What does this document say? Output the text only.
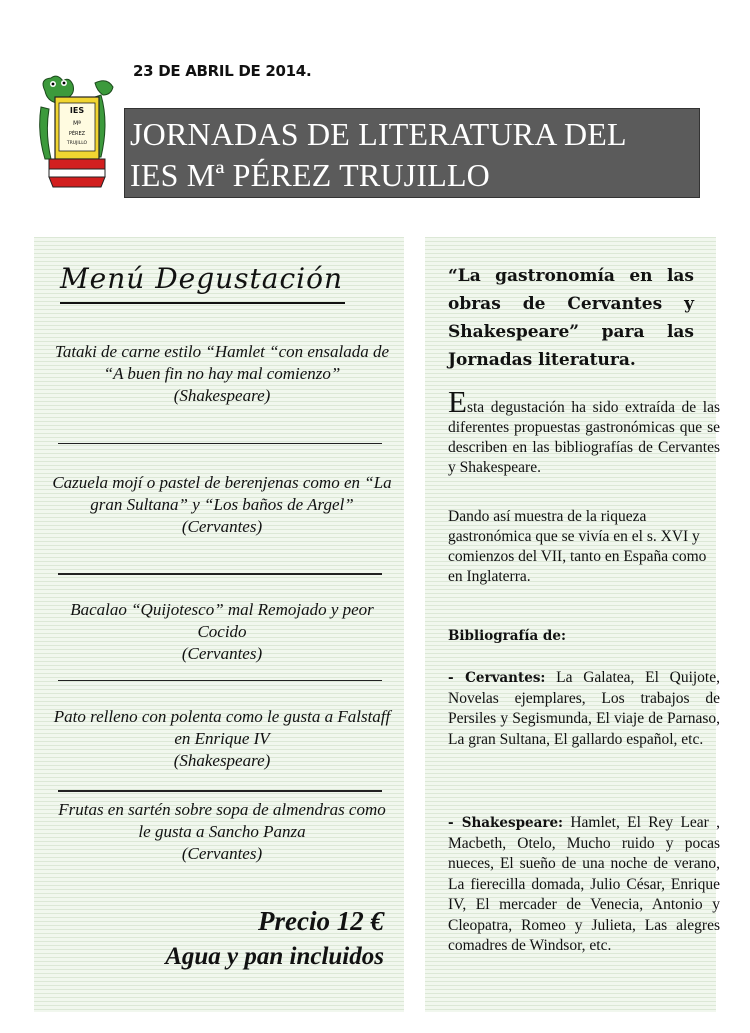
23 DE ABRIL DE 2014.
IES
Mª
PÉREZ
TRUJILLO JORNADAS DE LITERATURA DEL
IES Mª PÉREZ TRUJILLO
Menú Degustación
Tataki de carne estilo “Hamlet “con ensalada de “A buen fin no hay mal comienzo”
(Shakespeare)
Cazuela mojí o pastel de berenjenas como en “La gran Sultana” y “Los baños de Argel”
(Cervantes)
Bacalao “Quijotesco” mal Remojado y peor Cocido
(Cervantes)
Pato relleno con polenta como le gusta a Falstaff en Enrique IV
(Shakespeare)
Frutas en sartén sobre sopa de almendras como le gusta a Sancho Panza
(Cervantes)
Precio 12 €
Agua y pan incluidos
“La gastronomía en las obras de Cervantes y Shakespeare” para las Jornadas literatura.
Esta degustación ha sido extraída de las diferentes propuestas gastronómicas que se describen en las bibliografías de Cervantes y Shakespeare.
Dando así muestra de la riqueza gastronómica que se vivía en el s. XVI y comienzos del VII, tanto en España como en Inglaterra.
Bibliografía de:
- Cervantes: La Galatea, El Quijote, Novelas ejemplares, Los trabajos de Persiles y Segismunda, El viaje de Parnaso, La gran Sultana, El gallardo español, etc.
- Shakespeare: Hamlet, El Rey Lear , Macbeth, Otelo, Mucho ruido y pocas nueces, El sueño de una noche de verano, La fierecilla domada, Julio César, Enrique IV, El mercader de Venecia, Antonio y Cleopatra, Romeo y Julieta, Las alegres comadres de Windsor, etc.
